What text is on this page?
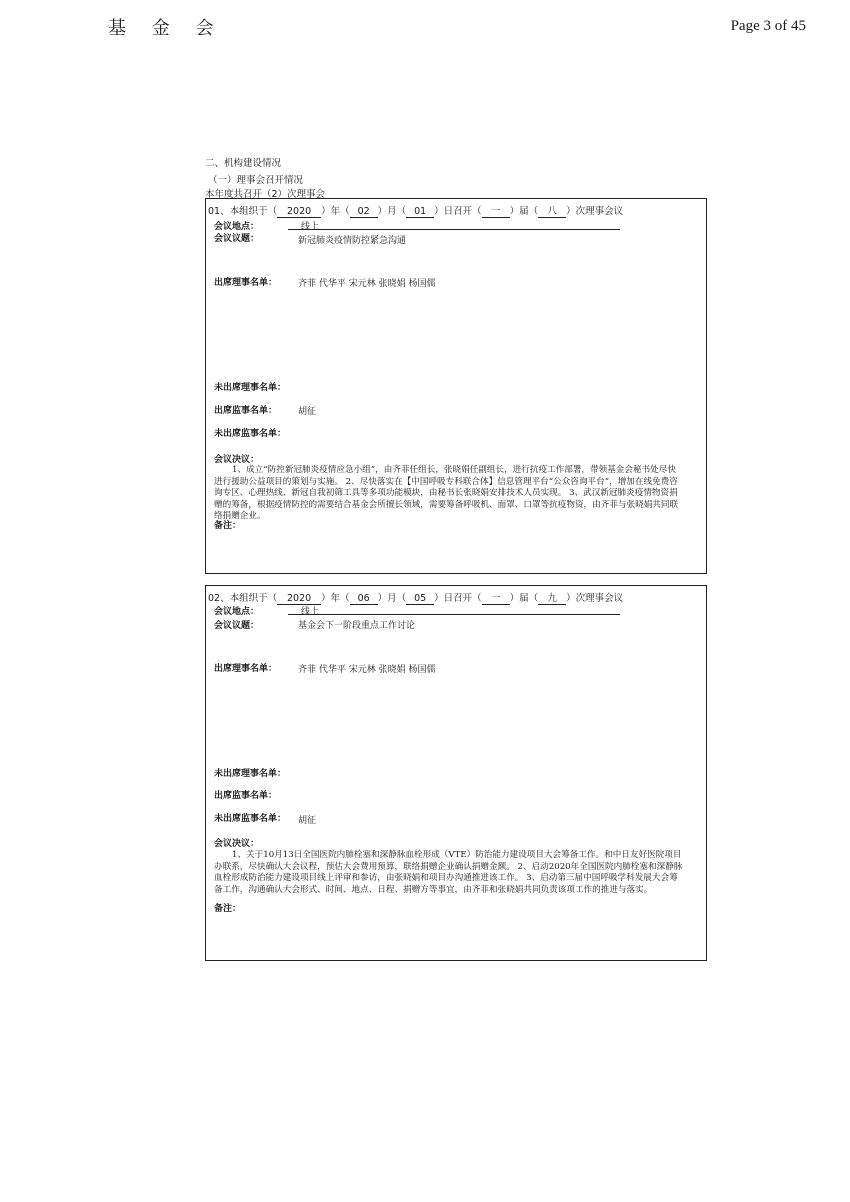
基 金 会	Page 3 of 45
二、机构建设情况
（一）理事会召开情况
本年度共召开（2）次理事会
01、本组织于（ 2020 ）年（ 02 ）月（ 01 ）日召开（ 一 ）届（ 八 ）次理事会议
会议地点：	线上
会议议题：	新冠肺炎疫情防控紧急沟通
出席理事名单： 齐菲 代华平 宋元林 张晓娟 杨国儒
未出席理事名单：
出席监事名单： 胡征
未出席监事名单：
会议决议：
1、成立“防控新冠肺炎疫情应急小组”，由齐菲任组长，张晓娟任副组长，进行抗疫工作部署，带领基金会秘书处尽快进行援助公益项目的策划与实施。 2、尽快落实在【中国呼吸专科联合体】信息管理平台“公众咨询平台”，增加在线免费咨询专区、心理热线、新冠自我初筛工具等多项功能模块，由秘书长张晓娟安排技术人员实现。 3、武汉新冠肺炎疫情物资捐赠的筹备，根据疫情防控的需要结合基金会所擅长领域，需要筹备呼吸机、面罩、口罩等抗疫物资，由齐菲与张晓娟共同联络捐赠企业。
备注：
02、本组织于（ 2020 ）年（ 06 ）月（ 05 ）日召开（ 一 ）届（ 九 ）次理事会议
会议地点：	线上
会议议题：	基金会下一阶段重点工作讨论
出席理事名单： 齐菲 代华平 宋元林 张晓娟 杨国儒
未出席理事名单：
出席监事名单：
未出席监事名单： 胡征
会议决议：
1、关于10月13日全国医院内肺栓塞和深静脉血栓形成（VTE）防治能力建设项目大会筹备工作。和中日友好医院项目办联系，尽快确认大会议程，预估大会费用预算，联络捐赠企业确认捐赠金额。 2、启动2020年全国医院内肺栓塞和深静脉血栓形成防治能力建设项目线上评审和参访，由张晓娟和项目办沟通推进该工作。 3、启动第三届中国呼吸学科发展大会筹备工作，沟通确认大会形式、时间、地点、日程、捐赠方等事宜，由齐菲和张晓娟共同负责该项工作的推进与落实。
备注：
